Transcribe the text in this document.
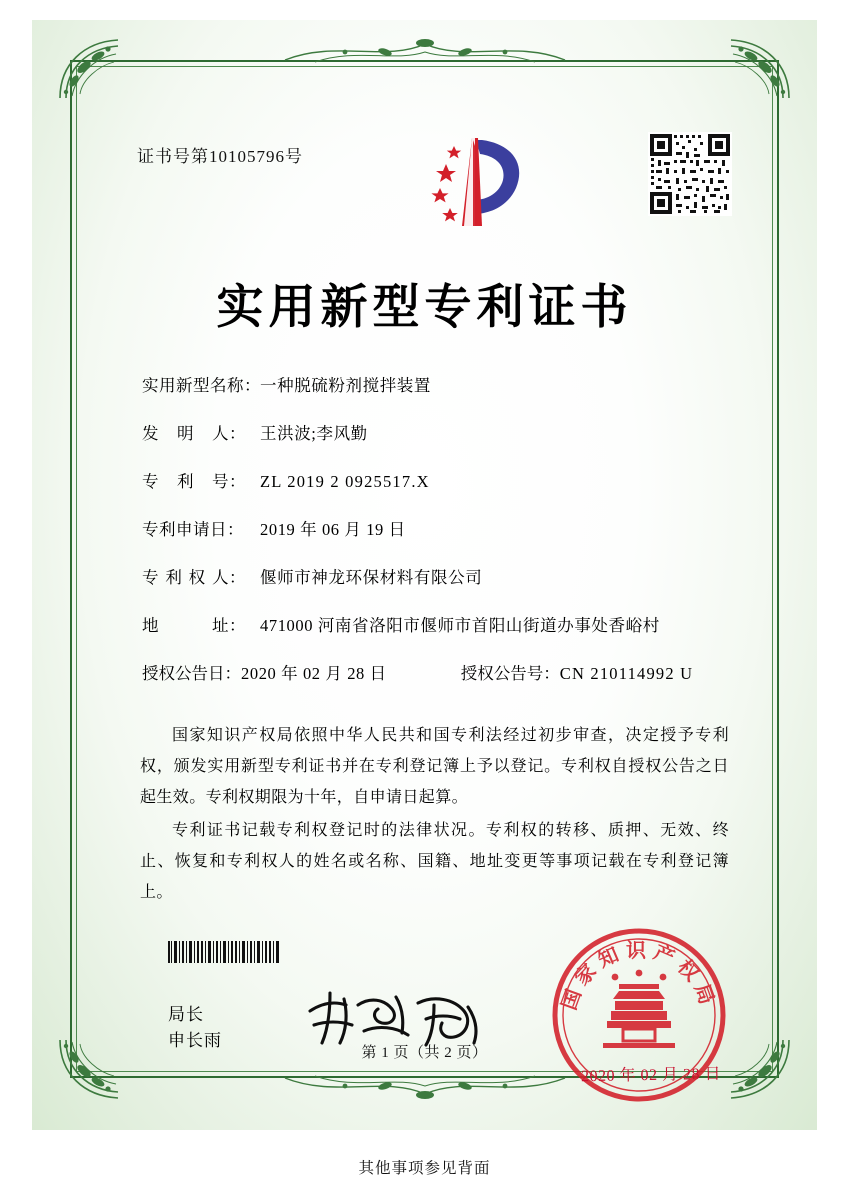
证书号第10105796号
实用新型专利证书
实用新型名称： 一种脱硫粉剂搅拌装置
发 明 人： 王洪波;李风勤
专 利 号： ZL 2019 2 0925517.X
专利申请日： 2019 年 06 月 19 日
专 利 权 人： 偃师市神龙环保材料有限公司
地	址： 471000 河南省洛阳市偃师市首阳山街道办事处香峪村
授权公告日： 2020 年 02 月 28 日	授权公告号： CN 210114992 U

国家知识产权局依照中华人民共和国专利法经过初步审查，决定授予专利权，颁发实用新型专利证书并在专利登记簿上予以登记。专利权自授权公告之日起生效。专利权期限为十年，自申请日起算。

专利证书记载专利权登记时的法律状况。专利权的转移、质押、无效、终止、恢复和专利权人的姓名或名称、国籍、地址变更等事项记载在专利登记簿上。

局长
申长雨
国家知识产权局
2020 年 02 月 28 日
第 1 页（共 2 页）
其他事项参见背面
